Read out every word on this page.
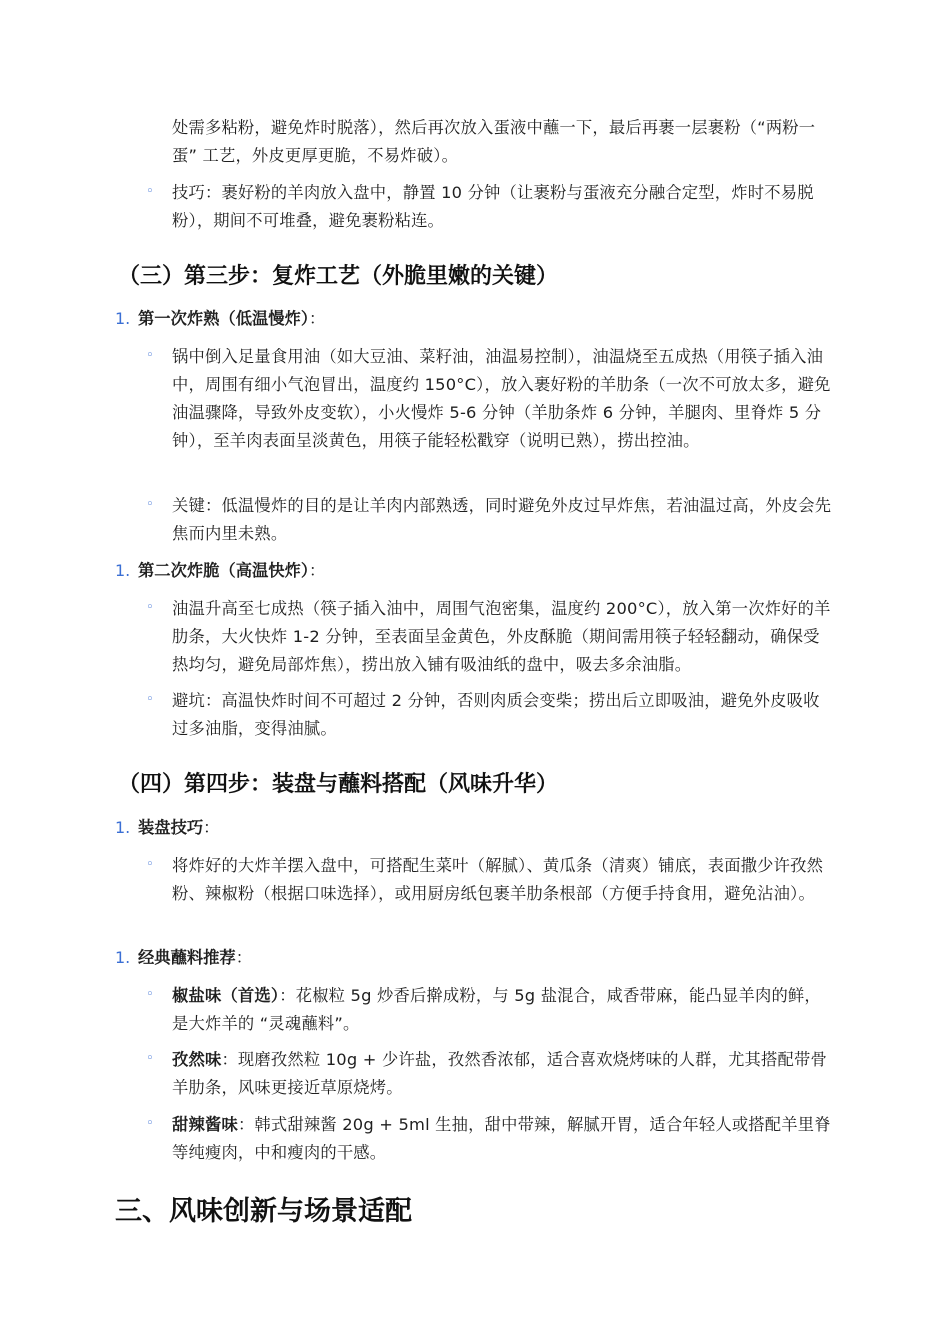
处需多粘粉，避免炸时脱落），然后再次放入蛋液中蘸一下，最后再裹一层裹粉（“两粉一蛋” 工艺，外皮更厚更脆，不易炸破）。
◦ 技巧：裹好粉的羊肉放入盘中，静置 10 分钟（让裹粉与蛋液充分融合定型，炸时不易脱粉），期间不可堆叠，避免裹粉粘连。
（三）第三步：复炸工艺（外脆里嫩的关键）
1. 第一次炸熟（低温慢炸）：
◦ 锅中倒入足量食用油（如大豆油、菜籽油，油温易控制），油温烧至五成热（用筷子插入油中，周围有细小气泡冒出，温度约 150°C），放入裹好粉的羊肋条（一次不可放太多，避免油温骤降，导致外皮变软），小火慢炸 5-6 分钟（羊肋条炸 6 分钟，羊腿肉、里脊炸 5 分钟），至羊肉表面呈淡黄色，用筷子能轻松戳穿（说明已熟），捞出控油。
◦ 关键：低温慢炸的目的是让羊肉内部熟透，同时避免外皮过早炸焦，若油温过高，外皮会先焦而内里未熟。
1. 第二次炸脆（高温快炸）：
◦ 油温升高至七成热（筷子插入油中，周围气泡密集，温度约 200°C），放入第一次炸好的羊肋条，大火快炸 1-2 分钟，至表面呈金黄色，外皮酥脆（期间需用筷子轻轻翻动，确保受热均匀，避免局部炸焦），捞出放入铺有吸油纸的盘中，吸去多余油脂。
◦ 避坑：高温快炸时间不可超过 2 分钟，否则肉质会变柴；捞出后立即吸油，避免外皮吸收过多油脂，变得油腻。
（四）第四步：装盘与蘸料搭配（风味升华）
1. 装盘技巧：
◦ 将炸好的大炸羊摆入盘中，可搭配生菜叶（解腻）、黄瓜条（清爽）铺底，表面撒少许孜然粉、辣椒粉（根据口味选择），或用厨房纸包裹羊肋条根部（方便手持食用，避免沾油）。
1. 经典蘸料推荐：
◦ 椒盐味（首选）：花椒粒 5g 炒香后擀成粉，与 5g 盐混合，咸香带麻，能凸显羊肉的鲜，是大炸羊的 “灵魂蘸料”。
◦ 孜然味：现磨孜然粒 10g + 少许盐，孜然香浓郁，适合喜欢烧烤味的人群，尤其搭配带骨羊肋条，风味更接近草原烧烤。
◦ 甜辣酱味：韩式甜辣酱 20g + 5ml 生抽，甜中带辣，解腻开胃，适合年轻人或搭配羊里脊等纯瘦肉，中和瘦肉的干感。
三、风味创新与场景适配
